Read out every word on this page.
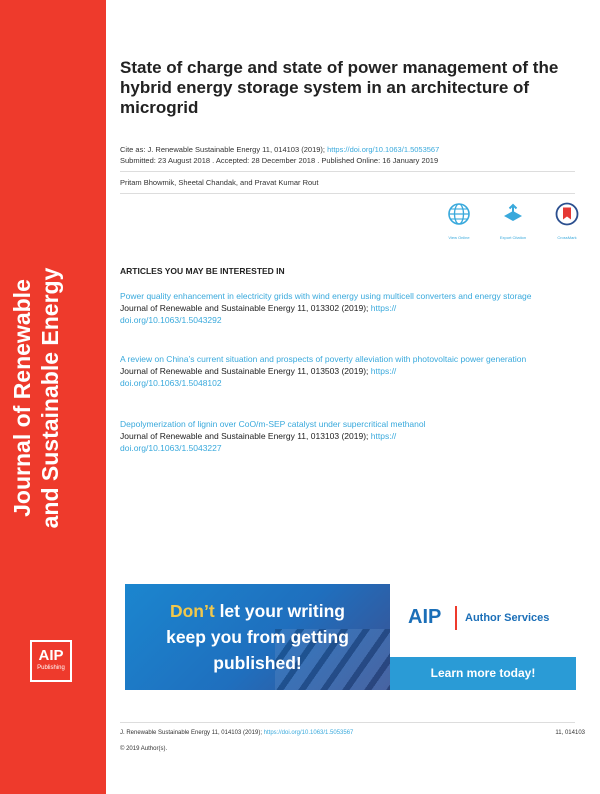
Journal of Renewable and Sustainable Energy
AIP
Publishing
State of charge and state of power management of the hybrid energy storage system in an architecture of microgrid
Cite as: J. Renewable Sustainable Energy 11, 014103 (2019); https://doi.org/10.1063/1.5053567
Submitted: 23 August 2018 . Accepted: 28 December 2018 . Published Online: 16 January 2019
Pritam Bhowmik, Sheetal Chandak, and Pravat Kumar Rout
View Online	Export Citation	CrossMark
ARTICLES YOU MAY BE INTERESTED IN
Power quality enhancement in electricity grids with wind energy using multicell converters and energy storage
Journal of Renewable and Sustainable Energy 11, 013302 (2019); https://
doi.org/10.1063/1.5043292
A review on China’s current situation and prospects of poverty alleviation with photovoltaic power generation
Journal of Renewable and Sustainable Energy 11, 013503 (2019); https://
doi.org/10.1063/1.5048102
Depolymerization of lignin over CoO/m-SEP catalyst under supercritical methanol
Journal of Renewable and Sustainable Energy 11, 013103 (2019); https://
doi.org/10.1063/1.5043227
Don’t let your writing
keep you from getting
published!
AIP Author Services
Learn more today!
J. Renewable Sustainable Energy 11, 014103 (2019); https://doi.org/10.1063/1.5053567	11, 014103
© 2019 Author(s).
